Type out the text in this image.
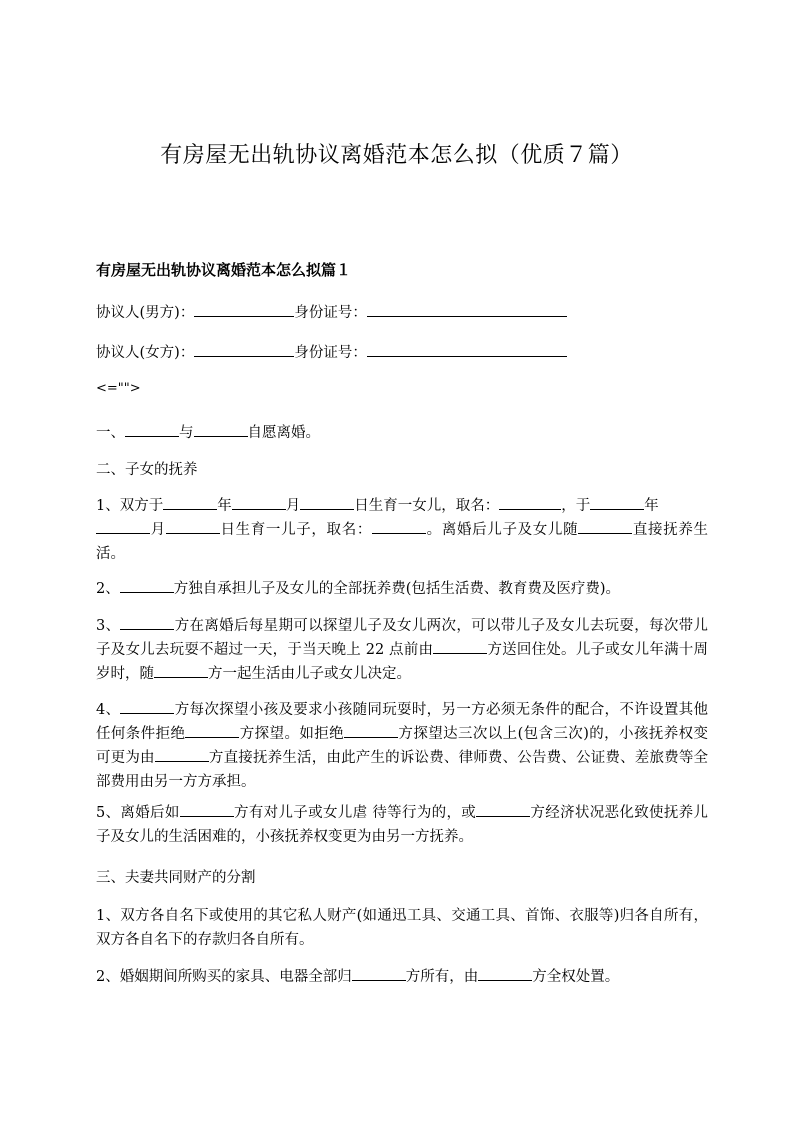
有房屋无出轨协议离婚范本怎么拟（优质７篇）
有房屋无出轨协议离婚范本怎么拟篇１
协议人(男方)：	身份证号：
协议人(女方)：	身份证号：
<="">
一、	与	自愿离婚。
二、子女的抚养
1、双方于	年	月	日生育一女儿，取名：	，于	年
月	日生育一儿子，取名：	。离婚后儿子及女儿随	直接抚养生活。
2、	方独自承担儿子及女儿的全部抚养费(包括生活费、教育费及医疗费)。
3、	方在离婚后每星期可以探望儿子及女儿两次，可以带儿子及女儿去玩耍，每次带儿子及女儿去玩耍不超过一天，于当天晚上 22 点前由	方送回住处。儿子或女儿年满十周岁时，随	方一起生活由儿子或女儿决定。
4、	方每次探望小孩及要求小孩随同玩耍时，另一方必须无条件的配合，不许设置其他任何条件拒绝	方探望。如拒绝	方探望达三次以上(包含三次)的，小孩抚养权变可更为由	方直接抚养生活，由此产生的诉讼费、律师费、公告费、公证费、差旅费等全部费用由另一方方承担。
5、离婚后如	方有对儿子或女儿虐 待等行为的，或	方经济状况恶化致使抚养儿子及女儿的生活困难的，小孩抚养权变更为由另一方抚养。
三、夫妻共同财产的分割
1、双方各自名下或使用的其它私人财产(如通迅工具、交通工具、首饰、衣服等)归各自所有，双方各自名下的存款归各自所有。
2、婚姻期间所购买的家具、电器全部归	方所有，由	方全权处置。
